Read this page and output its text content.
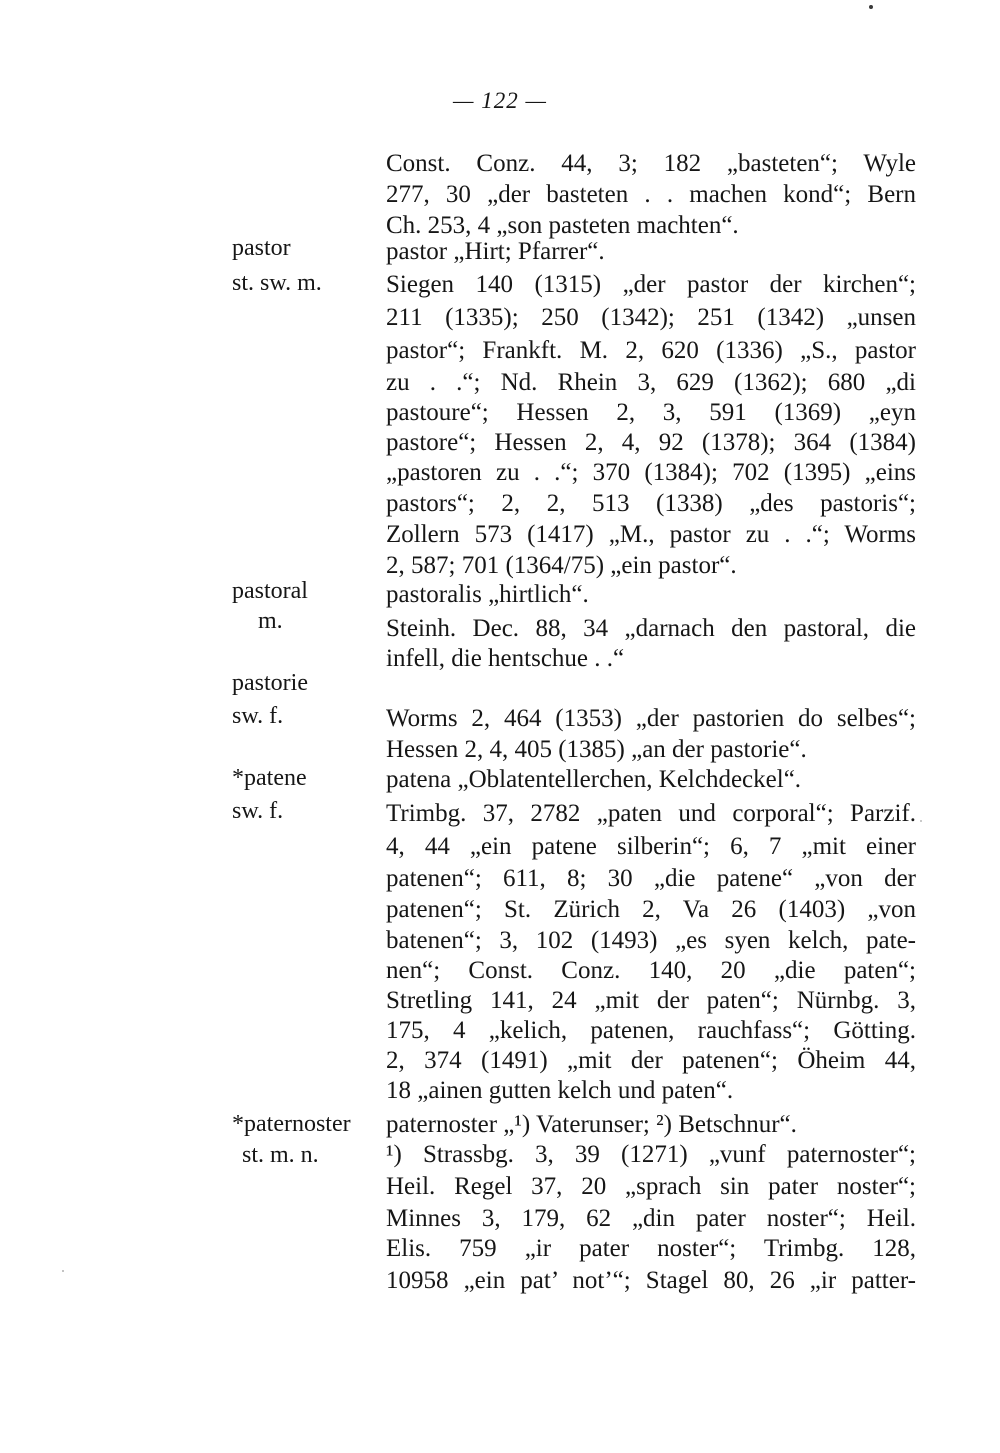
— 122 —
pastor
st. sw. m.
pastoral
m.
pastorie
sw. f.
*patene
sw. f.
*paternoster
st. m. n.
Const. Conz. 44, 3; 182 „basteten“; Wyle
277, 30 „der basteten . . machen kond“; Bern
Ch. 253, 4 „son pasteten machten“.
pastor „Hirt; Pfarrer“.
Siegen 140 (1315) „der pastor der kirchen“;
211 (1335); 250 (1342); 251 (1342) „unsen
pastor“; Frankft. M. 2, 620 (1336) „S., pastor
zu . .“; Nd. Rhein 3, 629 (1362); 680 „di
pastoure“; Hessen 2, 3, 591 (1369) „eyn
pastore“; Hessen 2, 4, 92 (1378); 364 (1384)
„pastoren zu . .“; 370 (1384); 702 (1395) „eins
pastors“; 2, 2, 513 (1338) „des pastoris“;
Zollern 573 (1417) „M., pastor zu . .“; Worms
2, 587; 701 (1364/75) „ein pastor“.
pastoralis „hirtlich“.
Steinh. Dec. 88, 34 „darnach den pastoral, die
infell, die hentschue . .“
Worms 2, 464 (1353) „der pastorien do selbes“;
Hessen 2, 4, 405 (1385) „an der pastorie“.
patena „Oblatentellerchen, Kelchdeckel“.
Trimbg. 37, 2782 „paten und corporal“; Parzif.
4, 44 „ein patene silberin“; 6, 7 „mit einer
patenen“; 611, 8; 30 „die patene“ „von der
patenen“; St. Zürich 2, Va 26 (1403) „von
batenen“; 3, 102 (1493) „es syen kelch, pate-
nen“; Const. Conz. 140, 20 „die paten“;
Stretling 141, 24 „mit der paten“; Nürnbg. 3,
175, 4 „kelich, patenen, rauchfass“; Götting.
2, 374 (1491) „mit der patenen“; Öheim 44,
18 „ainen gutten kelch und paten“.
paternoster „¹) Vaterunser; ²) Betschnur“.
¹) Strassbg. 3, 39 (1271) „vunf paternoster“;
Heil. Regel 37, 20 „sprach sin pater noster“;
Minnes 3, 179, 62 „din pater noster“; Heil.
Elis. 759 „ir pater noster“; Trimbg. 128,
10958 „ein pat’ not’“; Stagel 80, 26 „ir patter-
